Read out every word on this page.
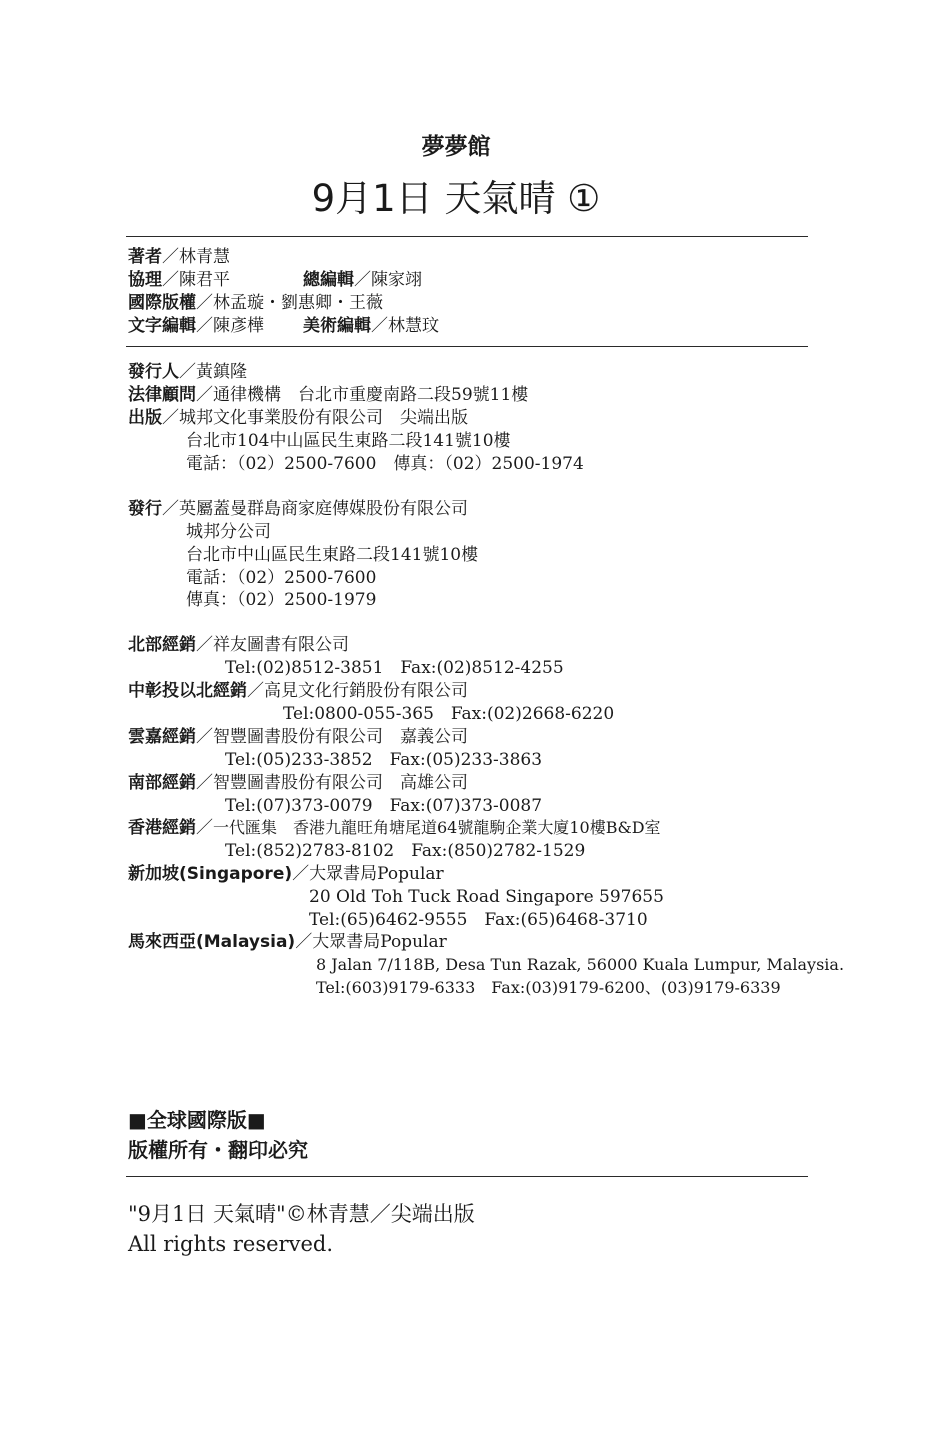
夢夢館
9月1日 天氣晴 ①
著者／林青慧
協理／陳君平	總編輯／陳家翊
國際版權／林孟璇・劉惠卿・王薇
文字編輯／陳彥樺 美術編輯／林慧玟
發行人／黃鎮隆
法律顧問／通律機構　台北市重慶南路二段59號11樓
出版／城邦文化事業股份有限公司　尖端出版
台北市104中山區民生東路二段141號10樓
電話：（02）2500-7600　傳真：（02）2500-1974
發行／英屬蓋曼群島商家庭傳媒股份有限公司
城邦分公司
台北市中山區民生東路二段141號10樓
電話：（02）2500-7600
傳真：（02）2500-1979
北部經銷／祥友圖書有限公司
Tel:(02)8512-3851　Fax:(02)8512-4255
中彰投以北經銷／高見文化行銷股份有限公司
Tel:0800-055-365　Fax:(02)2668-6220
雲嘉經銷／智豐圖書股份有限公司　嘉義公司
Tel:(05)233-3852　Fax:(05)233-3863
南部經銷／智豐圖書股份有限公司　高雄公司
Tel:(07)373-0079　Fax:(07)373-0087
香港經銷／一代匯集　香港九龍旺角塘尾道64號龍駒企業大廈10樓B&D室
Tel:(852)2783-8102　Fax:(850)2782-1529
新加坡(Singapore)／大眾書局Popular
20 Old Toh Tuck Road Singapore 597655
Tel:(65)6462-9555　Fax:(65)6468-3710
馬來西亞(Malaysia)／大眾書局Popular
8 Jalan 7/118B, Desa Tun Razak, 56000 Kuala Lumpur, Malaysia.
Tel:(603)9179-6333　Fax:(03)9179-6200、(03)9179-6339
■全球國際版■
版權所有・翻印必究
"9月1日 天氣晴"©林青慧／尖端出版
All rights reserved.
